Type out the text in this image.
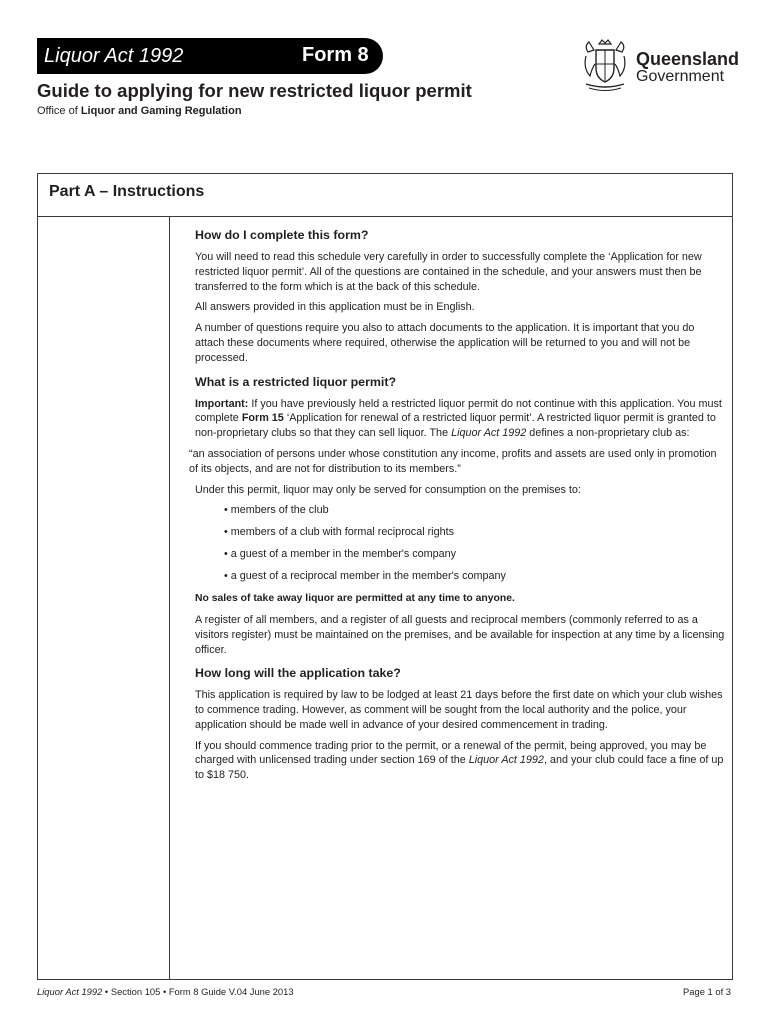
Liquor Act 1992	Form 8	Queensland
Government
Guide to applying for new restricted liquor permit
Office of Liquor and Gaming Regulation
Part A – Instructions
How do I complete this form?

You will need to read this schedule very carefully in order to successfully complete the ‘Application for new restricted liquor permit’. All of the questions are contained in the schedule, and your answers must then be transferred to the form which is at the back of this schedule.

All answers provided in this application must be in English.

A number of questions require you also to attach documents to the application. It is important that you do attach these documents where required, otherwise the application will be returned to you and will not be processed.

What is a restricted liquor permit?

Important: If you have previously held a restricted liquor permit do not continue with this application. You must complete Form 15 ‘Application for renewal of a restricted liquor permit’. A restricted liquor permit is granted to non-proprietary clubs so that they can sell liquor. The Liquor Act 1992 defines a non-proprietary club as:

“an association of persons under whose constitution any income, profits and assets are used only in promotion of its objects, and are not for distribution to its members.”

Under this permit, liquor may only be served for consumption on the premises to:

• members of the club
• members of a club with formal reciprocal rights
• a guest of a member in the member's company
• a guest of a reciprocal member in the member's company

No sales of take away liquor are permitted at any time to anyone.

A register of all members, and a register of all guests and reciprocal members (commonly referred to as a visitors register) must be maintained on the premises, and be available for inspection at any time by a licensing officer.

How long will the application take?

This application is required by law to be lodged at least 21 days before the first date on which your club wishes to commence trading. However, as comment will be sought from the local authority and the police, your application should be made well in advance of your desired commencement in trading.

If you should commence trading prior to the permit, or a renewal of the permit, being approved, you may be charged with unlicensed trading under section 169 of the Liquor Act 1992, and your club could face a fine of up to $18 750.

Liquor Act 1992 • Section 105 • Form 8 Guide V.04 June 2013	Page 1 of 3
